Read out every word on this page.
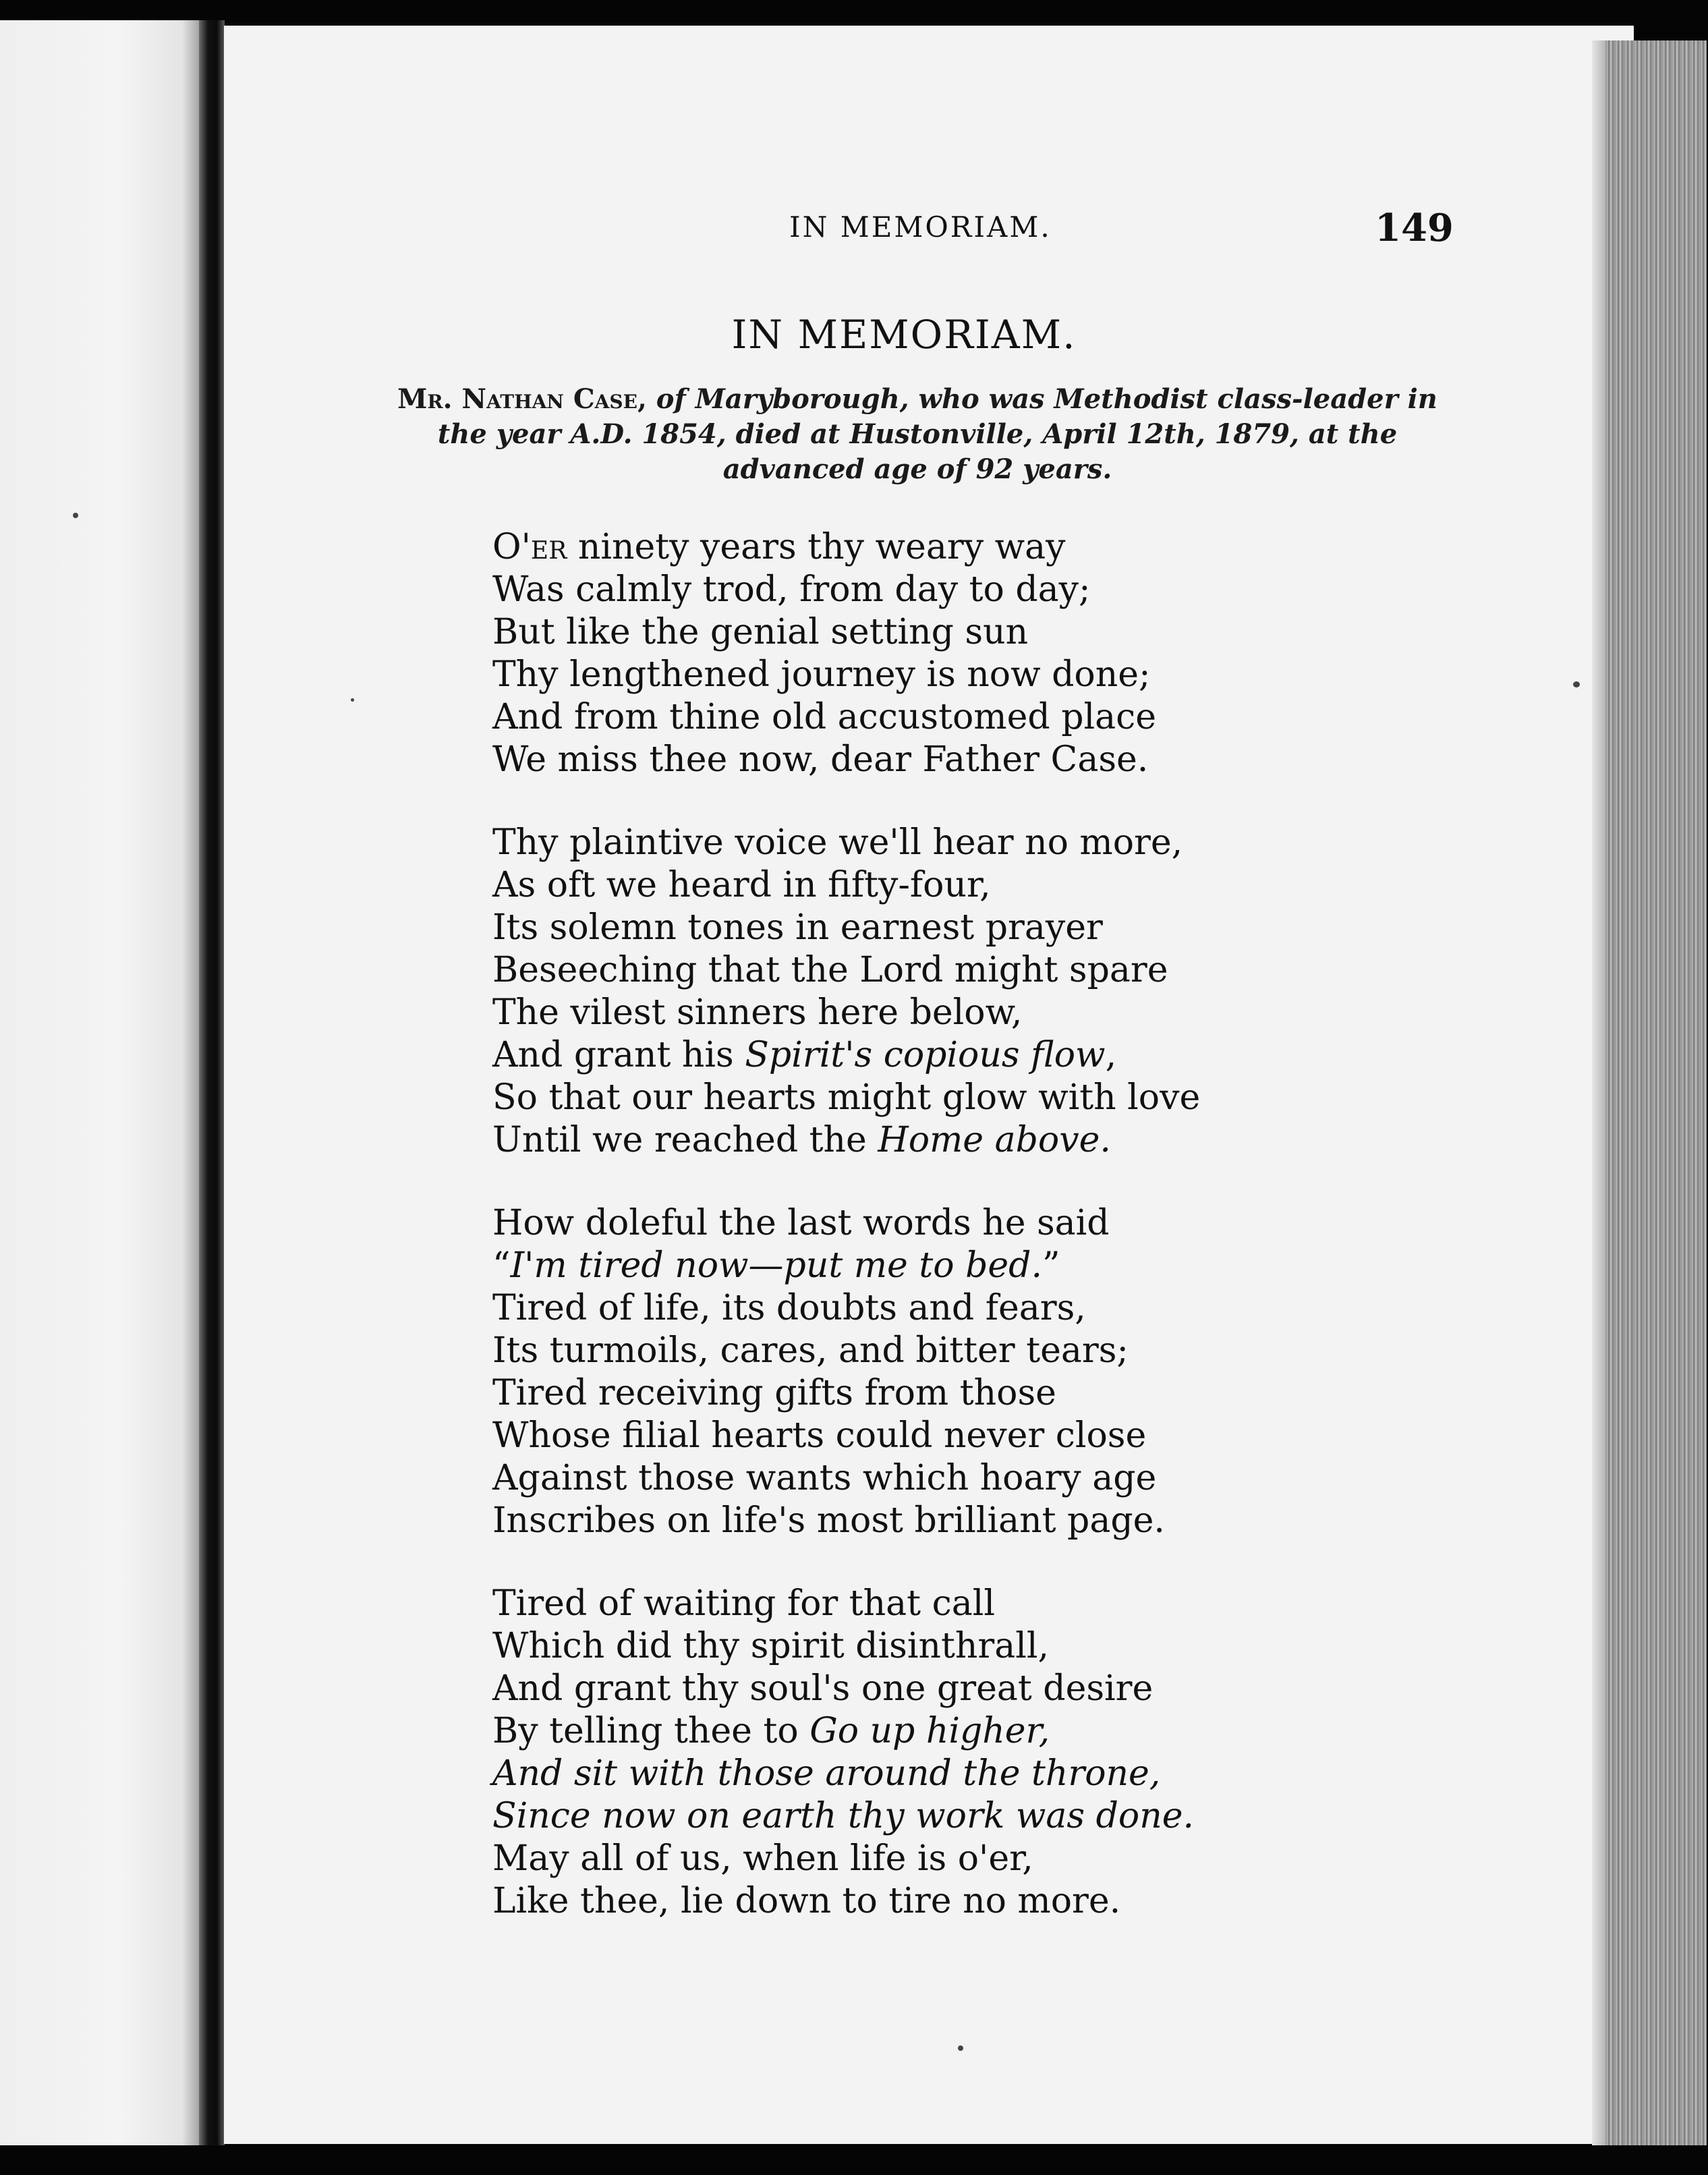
IN MEMORIAM.	149
IN MEMORIAM.
Mr. Nathan Case, of Maryborough, who was Methodist class-leader in the year A.D. 1854, died at Hustonville, April 12th, 1879, at the advanced age of 92 years.
O'er ninety years thy weary way
Was calmly trod, from day to day;
But like the genial setting sun
Thy lengthened journey is now done;
And from thine old accustomed place
We miss thee now, dear Father Case.
Thy plaintive voice we'll hear no more,
As oft we heard in fifty-four,
Its solemn tones in earnest prayer
Beseeching that the Lord might spare
The vilest sinners here below,
And grant his Spirit's copious flow,
So that our hearts might glow with love
Until we reached the Home above.
How doleful the last words he said
“I'm tired now—put me to bed.”
Tired of life, its doubts and fears,
Its turmoils, cares, and bitter tears;
Tired receiving gifts from those
Whose filial hearts could never close
Against those wants which hoary age
Inscribes on life's most brilliant page.
Tired of waiting for that call
Which did thy spirit disinthrall,
And grant thy soul's one great desire
By telling thee to Go up higher,
And sit with those around the throne,
Since now on earth thy work was done.
May all of us, when life is o'er,
Like thee, lie down to tire no more.
